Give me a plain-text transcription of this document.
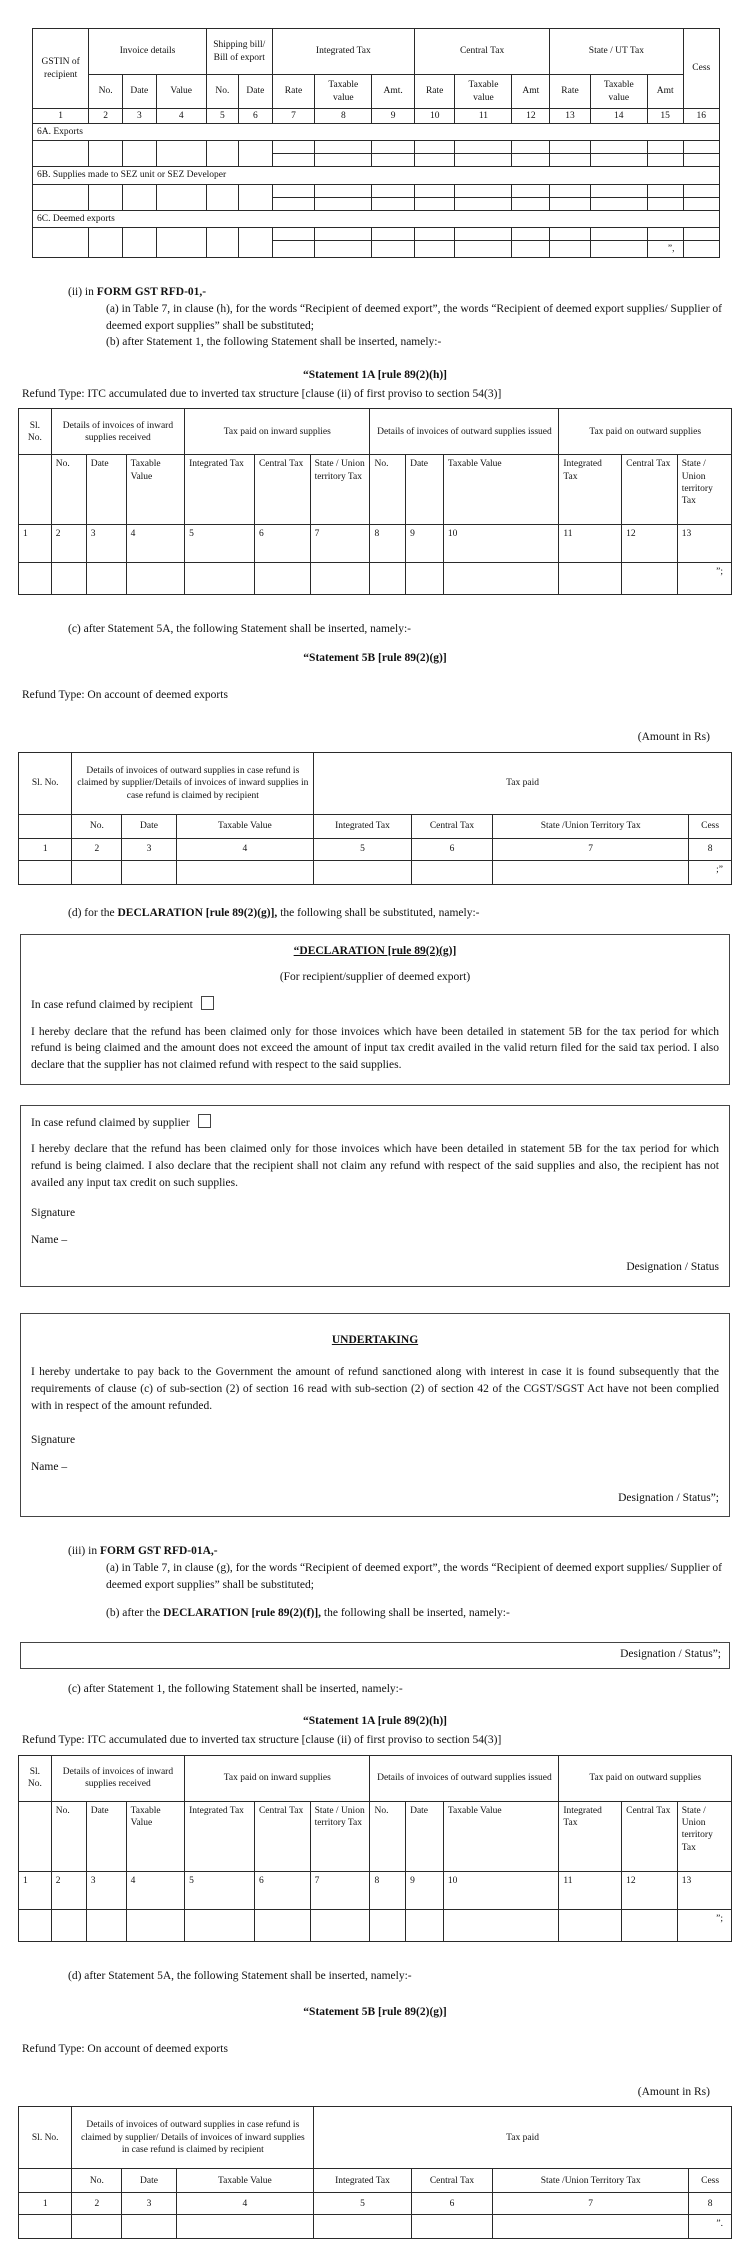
GSTIN of recipient	Invoice details			Shipping bill/ Bill of export		Integrated Tax			Central Tax			State / UT Tax			Cess
	No.	Date	Value	No.	Date	Rate	Taxable value	Amt.	Rate	Taxable value	Amt	Rate	Taxable value	Amt	
1	2	3	4	5	6	7	8	9	10	11	12	13	14	15	16
6A. Exports															

6B. Supplies made to SEZ unit or SEZ Developer															

6C. Deemed exports															

														”,	
(ii) in FORM GST RFD-01,-
(a) in Table 7, in clause (h), for the words “Recipient of deemed export”, the words “Recipient of deemed export supplies/ Supplier of deemed export supplies” shall be substituted;
(b) after Statement 1, the following Statement shall be inserted, namely:-
“Statement 1A [rule 89(2)(h)]
Refund Type: ITC accumulated due to inverted tax structure [clause (ii) of first proviso to section 54(3)]
Sl. No.	Details of invoices of inward supplies received			Tax paid on inward supplies			Details of invoices of outward supplies issued			Tax paid on outward supplies		
	No.	Date	Taxable Value	Integrated Tax	Central Tax	State / Union territory Tax	No.	Date	Taxable Value	Integrated Tax	Central Tax	State / Union territory Tax
1	2	3	4	5	6	7	8	9	10	11	12	13
												”;
(c) after Statement 5A, the following Statement shall be inserted, namely:-
“Statement 5B [rule 89(2)(g)]
Refund Type: On account of deemed exports
(Amount in Rs)
Sl. No.	Details of invoices of outward supplies in case refund is claimed by supplier/Details of invoices of inward supplies in case refund is claimed by recipient			Tax paid			
	No.	Date	Taxable Value	Integrated Tax	Central Tax	State /Union Territory Tax	Cess
1	2	3	4	5	6	7	8
							;”
(d) for the DECLARATION [rule 89(2)(g)], the following shall be substituted, namely:-
“DECLARATION [rule 89(2)(g)]
(For recipient/supplier of deemed export)
In case refund claimed by recipient

I hereby declare that the refund has been claimed only for those invoices which have been detailed in statement 5B for the tax period for which refund is being claimed and the amount does not exceed the amount of input tax credit availed in the valid return filed for the said tax period. I also declare that the supplier has not claimed refund with respect to the said supplies.

In case refund claimed by supplier

I hereby declare that the refund has been claimed only for those invoices which have been detailed in statement 5B for the tax period for which refund is being claimed. I also declare that the recipient shall not claim any refund with respect of the said supplies and also, the recipient has not availed any input tax credit on such supplies.

Signature
Name –
Designation / Status
UNDERTAKING

I hereby undertake to pay back to the Government the amount of refund sanctioned along with interest in case it is found subsequently that the requirements of clause (c) of sub-section (2) of section 16 read with sub-section (2) of section 42 of the CGST/SGST Act have not been complied with in respect of the amount refunded.

Signature
Name –
Designation / Status”;
(iii) in FORM GST RFD-01A,-
(a) in Table 7, in clause (g), for the words “Recipient of deemed export”, the words “Recipient of deemed export supplies/ Supplier of deemed export supplies” shall be substituted;
(b) after the DECLARATION [rule 89(2)(f)], the following shall be inserted, namely:-
Designation / Status”;
(c) after Statement 1, the following Statement shall be inserted, namely:-
“Statement 1A [rule 89(2)(h)]
Refund Type: ITC accumulated due to inverted tax structure [clause (ii) of first proviso to section 54(3)]
Sl. No.	Details of invoices of inward supplies received			Tax paid on inward supplies			Details of invoices of outward supplies issued			Tax paid on outward supplies		
	No.	Date	Taxable Value	Integrated Tax	Central Tax	State / Union territory Tax	No.	Date	Taxable Value	Integrated Tax	Central Tax	State / Union territory Tax
1	2	3	4	5	6	7	8	9	10	11	12	13
												”;
(d) after Statement 5A, the following Statement shall be inserted, namely:-
“Statement 5B [rule 89(2)(g)]
Refund Type: On account of deemed exports
(Amount in Rs)
Sl. No.	Details of invoices of outward supplies in case refund is claimed by supplier/ Details of invoices of inward supplies in case refund is claimed by recipient			Tax paid			
	No.	Date	Taxable Value	Integrated Tax	Central Tax	State /Union Territory Tax	Cess
1	2	3	4	5	6	7	8
							”.
